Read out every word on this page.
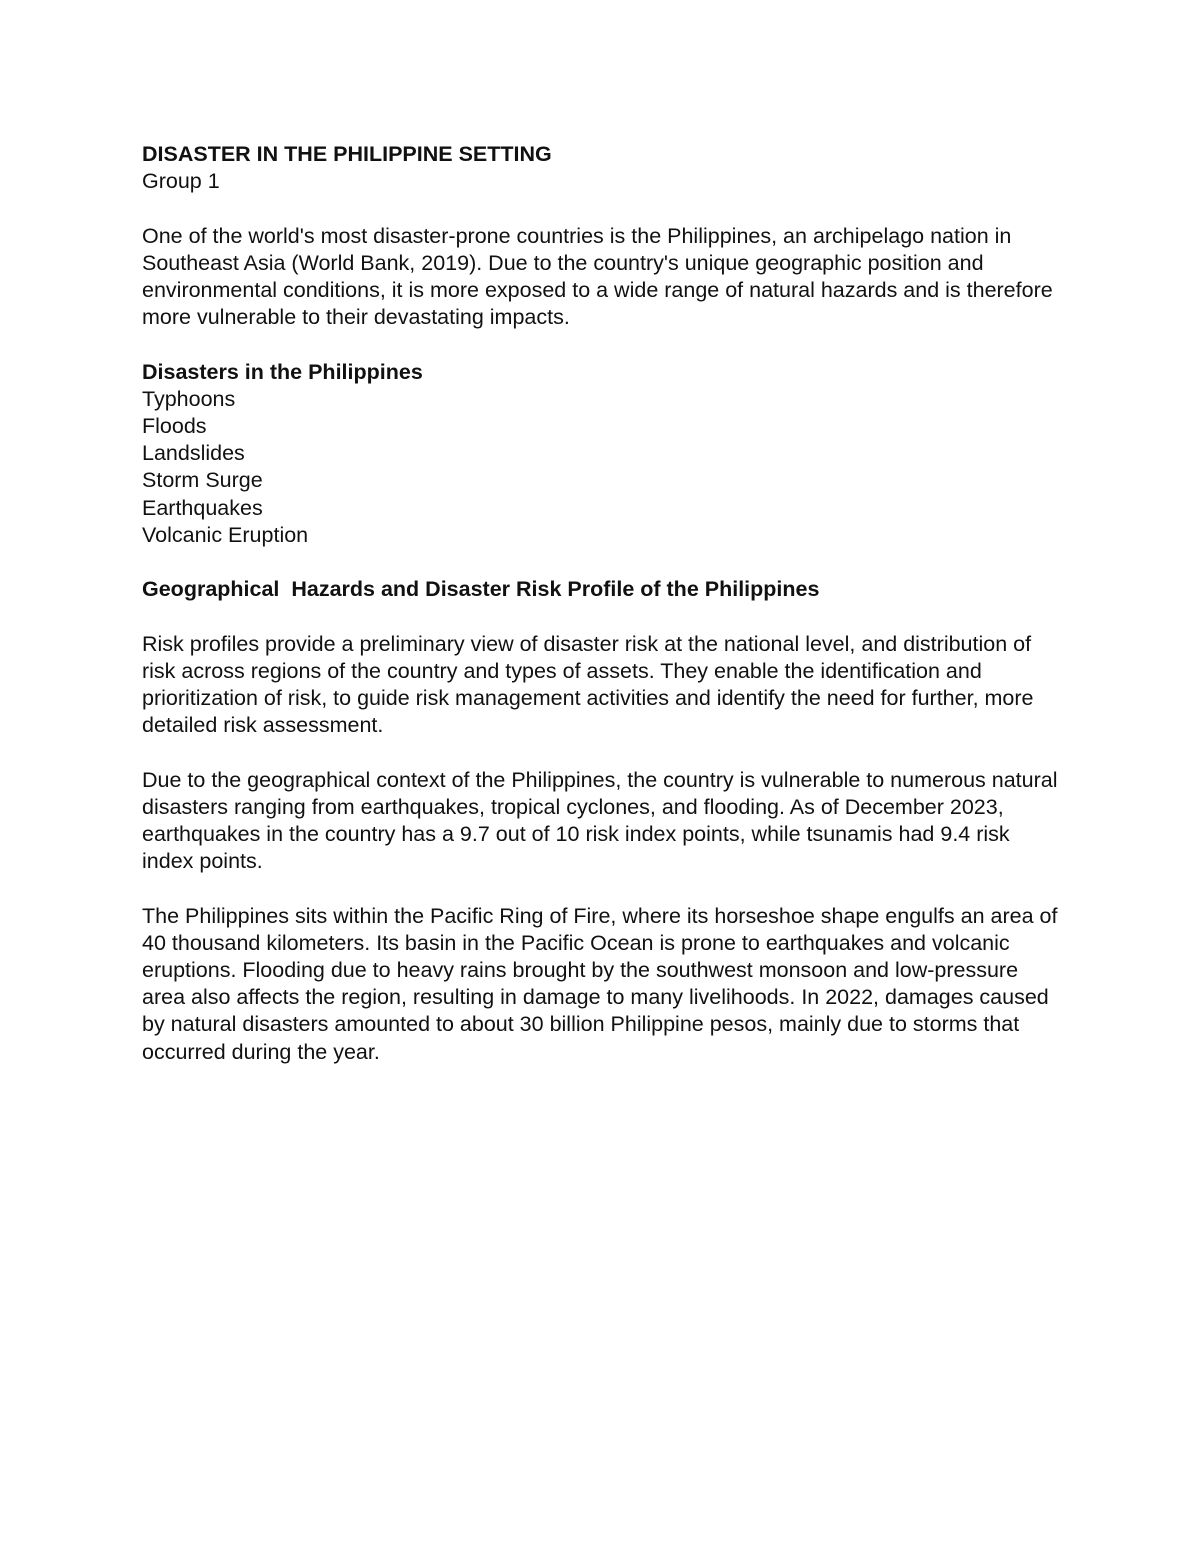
DISASTER IN THE PHILIPPINE SETTING

Group 1

One of the world's most disaster-prone countries is the Philippines, an archipelago nation in Southeast Asia (World Bank, 2019). Due to the country's unique geographic position and environmental conditions, it is more exposed to a wide range of natural hazards and is therefore more vulnerable to their devastating impacts.

Disasters in the Philippines

Typhoons
Floods
Landslides
Storm Surge
Earthquakes
Volcanic Eruption

Geographical  Hazards and Disaster Risk Profile of the Philippines

Risk profiles provide a preliminary view of disaster risk at the national level, and distribution of risk across regions of the country and types of assets. They enable the identification and prioritization of risk, to guide risk management activities and identify the need for further, more detailed risk assessment.

Due to the geographical context of the Philippines, the country is vulnerable to numerous natural disasters ranging from earthquakes, tropical cyclones, and flooding. As of December 2023, earthquakes in the country has a 9.7 out of 10 risk index points, while tsunamis had 9.4 risk index points.

The Philippines sits within the Pacific Ring of Fire, where its horseshoe shape engulfs an area of 40 thousand kilometers. Its basin in the Pacific Ocean is prone to earthquakes and volcanic eruptions. Flooding due to heavy rains brought by the southwest monsoon and low-pressure area also affects the region, resulting in damage to many livelihoods. In 2022, damages caused by natural disasters amounted to about 30 billion Philippine pesos, mainly due to storms that occurred during the year.
